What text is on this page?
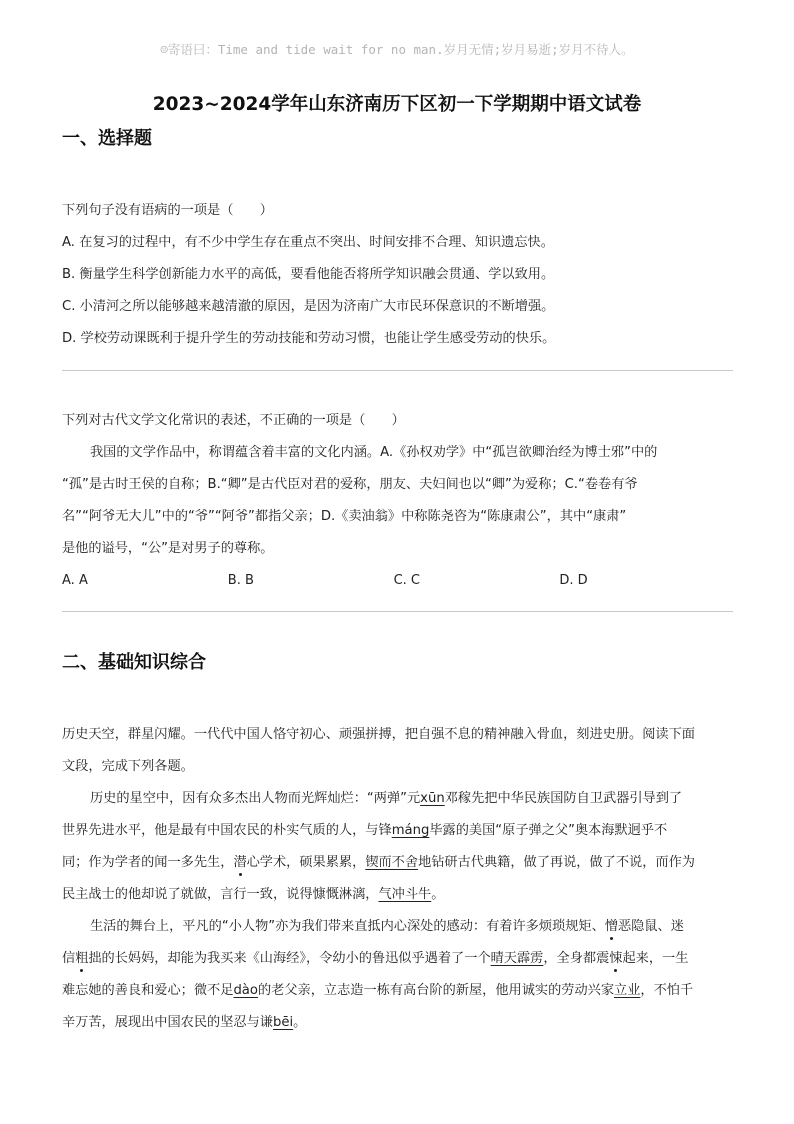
☺寄语曰：Time and tide wait for no man.岁月无情;岁月易逝;岁月不待人。
2023~2024学年山东济南历下区初一下学期期中语文试卷
一、选择题
下列句子没有语病的一项是（　　）
A. 在复习的过程中，有不少中学生存在重点不突出、时间安排不合理、知识遗忘快。
B. 衡量学生科学创新能力水平的高低，要看他能否将所学知识融会贯通、学以致用。
C. 小清河之所以能够越来越清澈的原因，是因为济南广大市民环保意识的不断增强。
D. 学校劳动课既利于提升学生的劳动技能和劳动习惯，也能让学生感受劳动的快乐。
下列对古代文学文化常识的表述，不正确的一项是（　　）
我国的文学作品中，称谓蕴含着丰富的文化内涵。A.《孙权劝学》中“孤岂欲卿治经为博士邪”中的
“孤”是古时王侯的自称；B.“卿”是古代臣对君的爱称，朋友、夫妇间也以“卿”为爱称；C.“卷卷有爷
名”“阿爷无大儿”中的“爷”“阿爷”都指父亲；D.《卖油翁》中称陈尧咨为“陈康肃公”，其中“康肃”
是他的谥号，“公”是对男子的尊称。
A. A	B. B	C. C	D. D
二、基础知识综合
历史天空，群星闪耀。一代代中国人恪守初心、顽强拼搏，把自强不息的精神融入骨血，刻进史册。阅读下面
文段，完成下列各题。
历史的星空中，因有众多杰出人物而光辉灿烂：“两弹”元xūn邓稼先把中华民族国防自卫武器引导到了
世界先进水平，他是最有中国农民的朴实气质的人，与锋máng毕露的美国“原子弹之父”奥本海默迥乎不
同；作为学者的闻一多先生，潜心学术，硕果累累，锲而不舍地钻研古代典籍，做了再说，做了不说，而作为
民主战士的他却说了就做，言行一致，说得慷慨淋漓，气冲斗牛。
生活的舞台上，平凡的“小人物”亦为我们带来直抵内心深处的感动：有着许多烦琐规矩、憎恶隐鼠、迷
信粗拙的长妈妈，却能为我买来《山海经》，令幼小的鲁迅似乎遇着了一个晴天霹雳，全身都震悚起来，一生
难忘她的善良和爱心；微不足dào的老父亲，立志造一栋有高台阶的新屋，他用诚实的劳动兴家立业，不怕千
辛万苦，展现出中国农民的坚忍与谦bēi。
